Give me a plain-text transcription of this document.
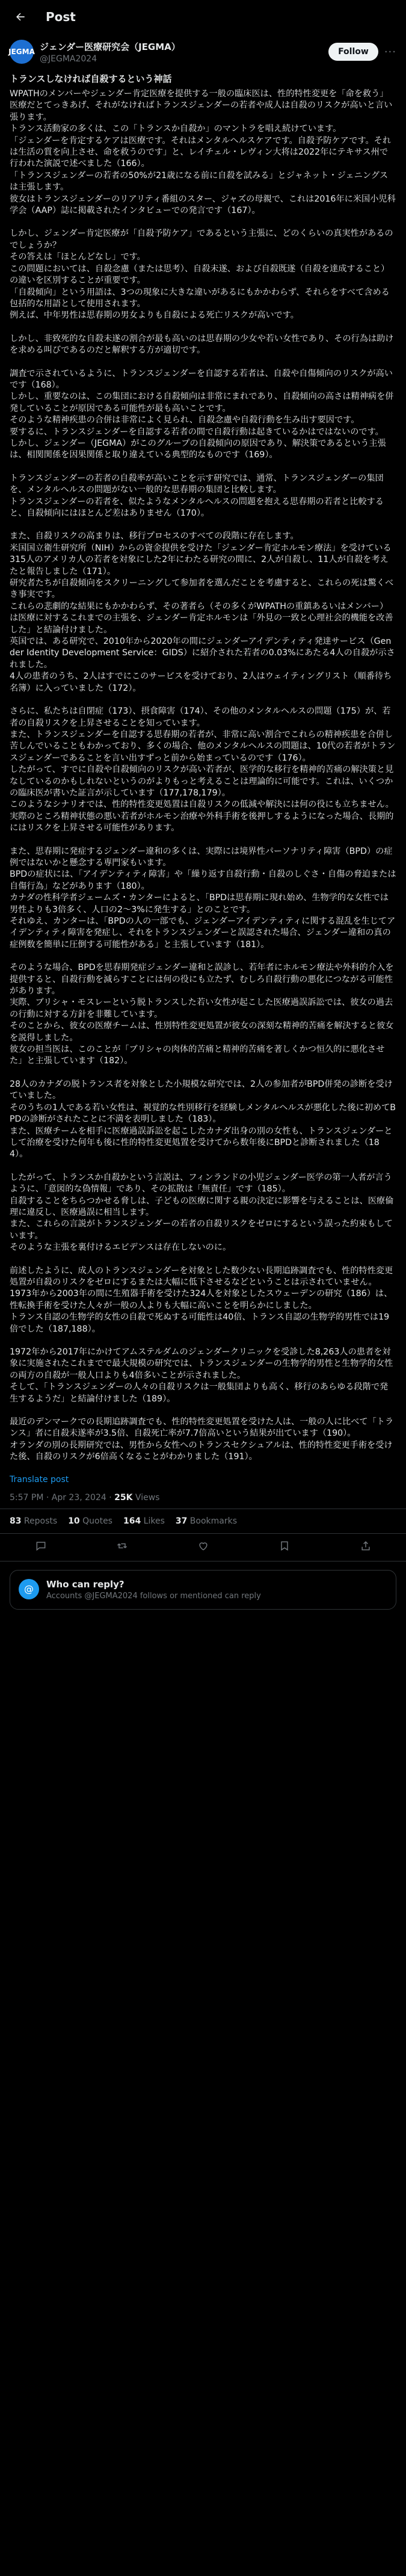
Post
JEGMA ジェンダー医療研究会（JEGMA）
@JEGMA2024
Follow	···
トランスしなければ自殺するという神話

WPATHのメンバーやジェンダー肯定医療を提供する一般の臨床医は、性的特性変更を「命を救う」医療だとてっきあげ、それがなければトランスジェンダーの若者や成人は自殺のリスクが高いと言い張ります。
トランス活動家の多くは、この「トランスか自殺か」のマントラを唱え続けています。
「ジェンダーを肯定するケアは医療です。それはメンタルヘルスケアです。自殺予防ケアです。それは生活の質を向上させ、命を救うのです」と、レイチェル・レヴィン大将は2022年にテキサス州で行われた演説で述べました（166）。
「トランスジェンダーの若者の50%が21歳になる前に自殺を試みる」とジャネット・ジェニングスは主張します。
彼女はトランスジェンダーのリアリティ番組のスター、ジャズの母親で、これは2016年に米国小児科学会（AAP）誌に掲載されたインタビューでの発言です（167）。

しかし、ジェンダー肯定医療が「自殺予防ケア」であるという主張に、どのくらいの真実性があるのでしょうか？
その答えは「ほとんどなし」です。
この問題においては、自殺念慮（または思考）、自殺未遂、および自殺既遂（自殺を達成すること）の違いを区別することが重要です。
「自殺傾向」という用語は、3つの現象に大きな違いがあるにもかかわらず、それらをすべて含める包括的な用語として使用されます。
例えば、中年男性は思春期の男女よりも自殺による死亡リスクが高いです。

しかし、非致死的な自殺未遂の割合が最も高いのは思春期の少女や若い女性であり、その行為は助けを求める叫びであるのだと解釈する方が適切です。

調査で示されているように、トランスジェンダーを自認する若者は、自殺や自傷傾向のリスクが高いです（168）。
しかし、重要なのは、この集団における自殺傾向は非常にまれであり、自殺傾向の高さは精神病を併発していることが原因である可能性が最も高いことです。
そのような精神疾患の合併は非常によく見られ、自殺念慮や自殺行動を生み出す要因です。
要するに、トランスジェンダーを自認する若者の間で自殺行動は起きているかはではないのです。
しかし、ジェンダー（JEGMA）がこのグループの自殺傾向の原因であり、解決策であるという主張は、相関関係を因果関係と取り違えている典型的なものです（169）。

トランスジェンダーの若者の自殺率が高いことを示す研究では、通常、トランスジェンダーの集団を、メンタルヘルスの問題がない一般的な思春期の集団と比較します。
トランスジェンダーの若者を、似たようなメンタルヘルスの問題を抱える思春期の若者と比較すると、自殺傾向にはほとんど差はありません（170）。

また、自殺リスクの高まりは、移行プロセスのすべての段階に存在します。
米国国立衛生研究所（NIH）からの資金提供を受けた「ジェンダー肯定ホルモン療法」を受けている315人のアメリカ人の若者を対象にした2年にわたる研究の間に、2人が自殺し、11人が自殺を考えたと報告しました（171）。
研究者たちが自殺傾向をスクリーニングして参加者を選んだことを考慮すると、これらの死は驚くべき事実です。
これらの悲劇的な結果にもかかわらず、その著者ら（その多くがWPATHの重鎮あるいはメンバー）は医療に対するこれまでの主張を、ジェンダー肯定ホルモンは「外見の一致と心理社会的機能を改善した」と結論付けました。
英国では、ある研究で、2010年から2020年の間にジェンダーアイデンティティ発達サービス（Gender Identity Development Service：GIDS）に紹介された若者の0.03%にあたる4人の自殺が示されました。
4人の患者のうち、2人はすでにこのサービスを受けており、2人はウェイティングリスト（順番待ち名簿）に入っていました（172）。

さらに、私たちは自閉症（173）、摂食障害（174）、その他のメンタルヘルスの問題（175）が、若者の自殺リスクを上昇させることを知っています。
また、トランスジェンダーを自認する思春期の若者が、非常に高い割合でこれらの精神疾患を合併し苦しんでいることもわかっており、多くの場合、他のメンタルヘルスの問題は、10代の若者がトランスジェンダーであることを言い出すずっと前から始まっているのです（176）。
したがって、すでに自殺や自殺傾向のリスクが高い若者が、医学的な移行を精神的苦痛の解決策と見なしているのかもしれないというのがよりもっと考えることは理論的に可能です。これは、いくつかの臨床医が書いた証言が示しています（177,178,179）。
このようなシナリオでは、性的特性変更処置は自殺リスクの低減や解決には何の役にも立ちません。
実際のところ精神状態の悪い若者がホルモン治療や外科手術を後押しするようになった場合、長期的にはリスクを上昇させる可能性があります。

また、思春期に発症するジェンダー違和の多くは、実際には境界性パーソナリティ障害（BPD）の症例ではないかと懸念する専門家もいます。
BPDの症状には、「アイデンティティ障害」や「繰り返す自殺行動・自殺のしぐさ・自傷の脅迫または自傷行為」などがあります（180）。
カナダの性科学者ジェームズ・カンターによると、「BPDは思春期に現れ始め、生物学的な女性では男性よりも3倍多く、人口の2〜3%に発生する」とのことです。
それゆえ、カンターは、「BPDの人の一部でも、ジェンダーアイデンティティに関する混乱を生じてアイデンティティ障害を発症し、それをトランスジェンダーと誤認された場合、ジェンダー違和の真の症例数を簡単に圧倒する可能性がある」と主張しています（181）。

そのような場合、BPDを思春期発症ジェンダー違和と誤診し、若年者にホルモン療法や外科的介入を提供すると、自殺行動を減らすことには何の役にも立たず、むしろ自殺行動の悪化につながる可能性があります。
実際、ブリシャ・モスレーという脱トランスした若い女性が起こした医療過誤訴訟では、彼女の過去の行動に対する方針を非難しています。
そのことから、彼女の医療チームは、性別特性変更処置が彼女の深刻な精神的苦痛を解決すると彼女を説得しました。
彼女の担当医は、このことが「ブリシャの肉体的苦痛と精神的苦痛を著しくかつ恒久的に悪化させた」と主張しています（182）。

28人のカナダの脱トランス者を対象とした小規模な研究では、2人の参加者がBPD併発の診断を受けていました。
そのうちの1人である若い女性は、視覚的な性別移行を経験しメンタルヘルスが悪化した後に初めてBPDの診断がされたことに不満を表明しました（183）。
また、医療チームを相手に医療過誤訴訟を起こしたカナダ出身の別の女性も、トランスジェンダーとして治療を受けた何年も後に性的特性変更処置を受けてから数年後にBPDと診断されました（184）。

したがって、トランスか自殺かという言説は、フィンランドの小児ジェンダー医学の第一人者が言うように、「意図的な偽情報」であり、その拡散は「無責任」です（185）。
自殺することをちらつかせる脅しは、子どもの医療に関する親の決定に影響を与えることは、医療倫理に違反し、医療過誤に相当します。
また、これらの言説がトランスジェンダーの若者の自殺リスクをゼロにするという誤った約束もしています。
そのような主張を裏付けるエビデンスは存在しないのに。

前述したように、成人のトランスジェンダーを対象とした数少ない長期追跡調査でも、性的特性変更処置が自殺のリスクをゼロにするまたは大幅に低下させるなどということは示されていません。
1973年から2003年の間に生殖器手術を受けた324人を対象としたスウェーデンの研究（186）は、性転換手術を受けた人々が一般の人よりも大幅に高いことを明らかにしました。
トランス自認の生物学的女性の自殺で死ぬする可能性は40倍、トランス自認の生物学的男性では19倍でした（187,188）。

1972年から2017年にかけてアムステルダムのジェンダークリニックを受診した8,263人の患者を対象に実施されたこれまでで最大規模の研究では、トランスジェンダーの生物学的男性と生物学的女性の両方の自殺が一般人口よりも4倍多いことが示されました。
そして、「トランスジェンダーの人々の自殺リスクは一般集団よりも高く、移行のあらゆる段階で発生するようだ」と結論付けました（189）。

最近のデンマークでの長期追跡調査でも、性的特性変更処置を受けた人は、一般の人に比べて「トランス」者に自殺未遂率が3.5倍、自殺死亡率が7.7倍高いという結果が出ています（190）。
オランダの別の長期研究では、男性から女性へのトランスセクシュアルは、性的特性変更手術を受けた後、自殺のリスクが6倍高くなることがわかりました（191）。

Translate post
5:57 PM · Apr 23, 2024 · 25K Views
83 Reposts 10 Quotes 164 Likes 37 Bookmarks
@	Who can reply?
Accounts @JEGMA2024 follows or mentioned can reply
